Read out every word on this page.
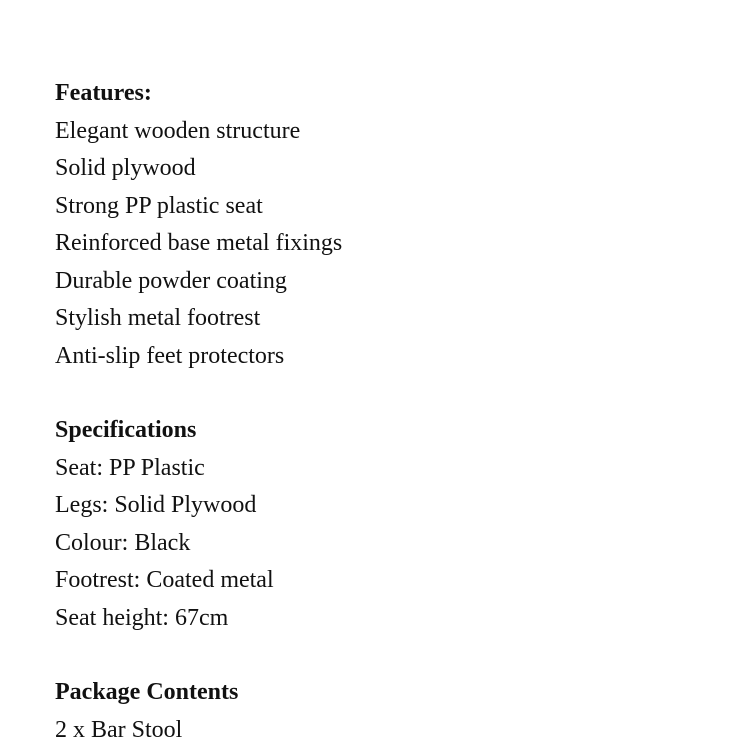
Features:
Elegant wooden structure
Solid plywood
Strong PP plastic seat
Reinforced base metal fixings
Durable powder coating
Stylish metal footrest
Anti-slip feet protectors
Specifications
Seat: PP Plastic
Legs: Solid Plywood
Colour: Black
Footrest: Coated metal
Seat height: 67cm
Package Contents
2 x Bar Stool
